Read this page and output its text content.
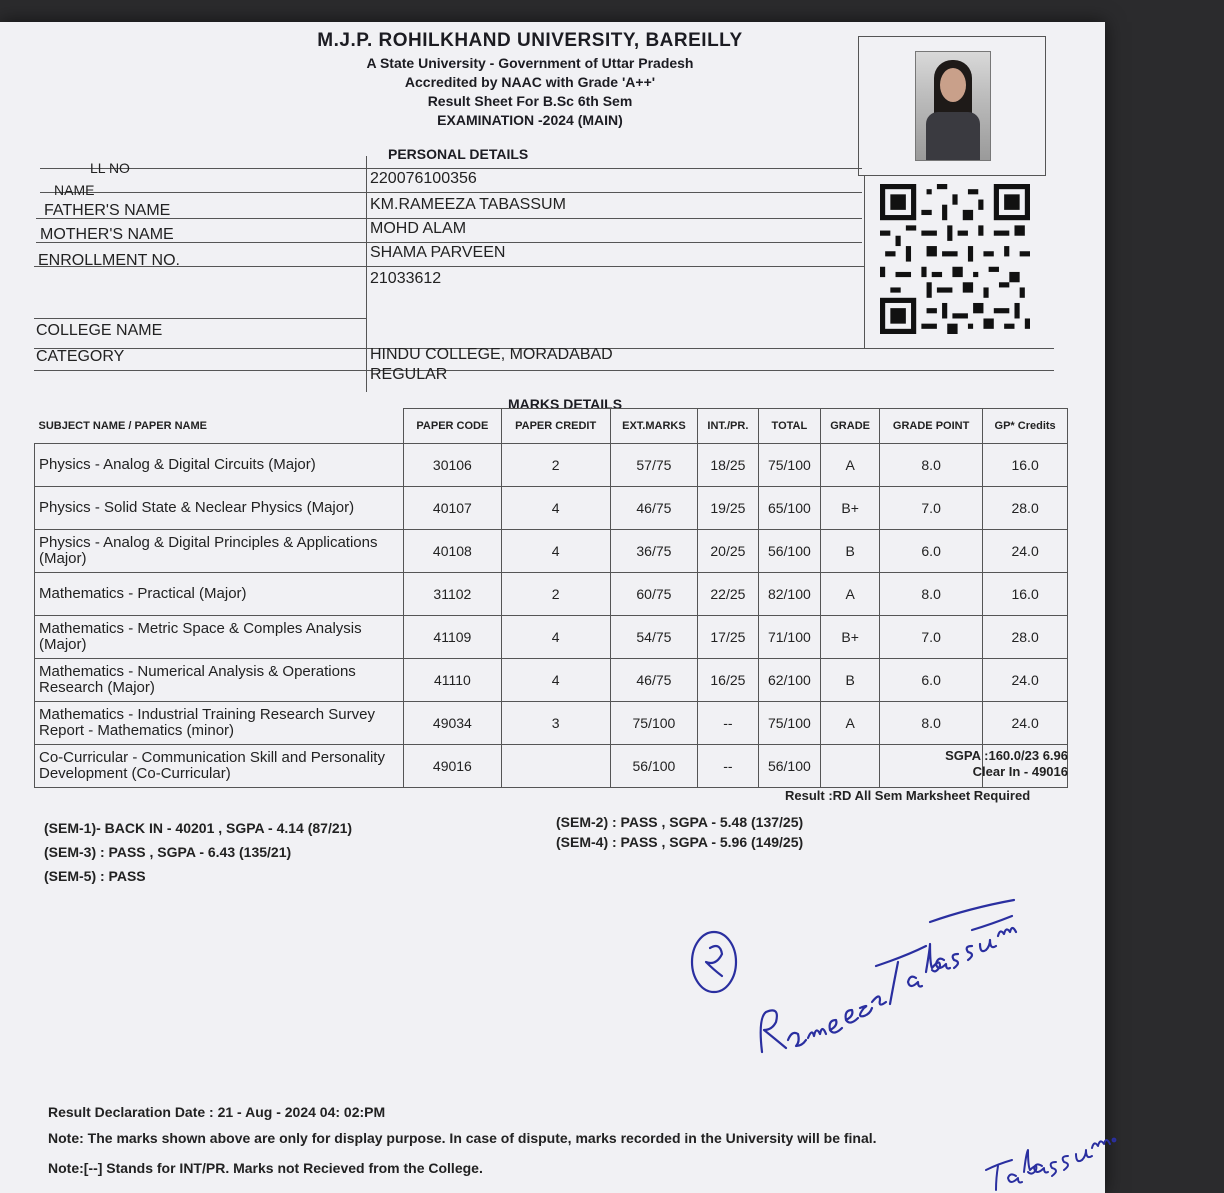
M.J.P. ROHILKHAND UNIVERSITY, BAREILLY
A State University - Government of Uttar Pradesh
Accredited by NAAC with Grade 'A++'
Result Sheet For B.Sc 6th Sem
EXAMINATION -2024 (MAIN)
PERSONAL DETAILS
LL NO
220076100356
NAME
KM.RAMEEZA TABASSUM
FATHER'S NAME
MOHD ALAM
MOTHER'S NAME
SHAMA PARVEEN
ENROLLMENT NO.
21033612
COLLEGE NAME
HINDU COLLEGE, MORADABAD
CATEGORY
REGULAR
MARKS DETAILS
SUBJECT NAME / PAPER NAME	PAPER CODE	PAPER CREDIT	EXT.MARKS	INT./PR.	TOTAL	GRADE	GRADE POINT	GP* Credits
Physics - Analog & Digital Circuits (Major)	30106	2	57/75	18/25	75/100	A	8.0	16.0
Physics - Solid State & Neclear Physics (Major)	40107	4	46/75	19/25	65/100	B+	7.0	28.0
Physics - Analog & Digital Principles & Applications (Major)	40108	4	36/75	20/25	56/100	B	6.0	24.0
Mathematics - Practical (Major)	31102	2	60/75	22/25	82/100	A	8.0	16.0
Mathematics - Metric Space & Comples Analysis (Major)	41109	4	54/75	17/25	71/100	B+	7.0	28.0
Mathematics - Numerical Analysis & Operations Research (Major)	41110	4	46/75	16/25	62/100	B	6.0	24.0
Mathematics - Industrial Training Research Survey Report - Mathematics (minor)	49034	3	75/100	--	75/100	A	8.0	24.0
Co-Curricular - Communication Skill and Personality Development (Co-Curricular)	49016		56/100	--	56/100			
SGPA :160.0/23 6.96
Clear In - 49016
Result :RD All Sem Marksheet Required
(SEM-1)- BACK IN - 40201 , SGPA - 4.14 (87/21)	(SEM-2) : PASS , SGPA - 5.48 (137/25)
(SEM-3) : PASS , SGPA - 6.43 (135/21)
(SEM-4) : PASS , SGPA - 5.96 (149/25)
(SEM-5) : PASS
Result Declaration Date : 21 - Aug - 2024 04: 02:PM
Note: The marks shown above are only for display purpose. In case of dispute, marks recorded in the University will be final.
Note:[--] Stands for INT/PR. Marks not Recieved from the College.
